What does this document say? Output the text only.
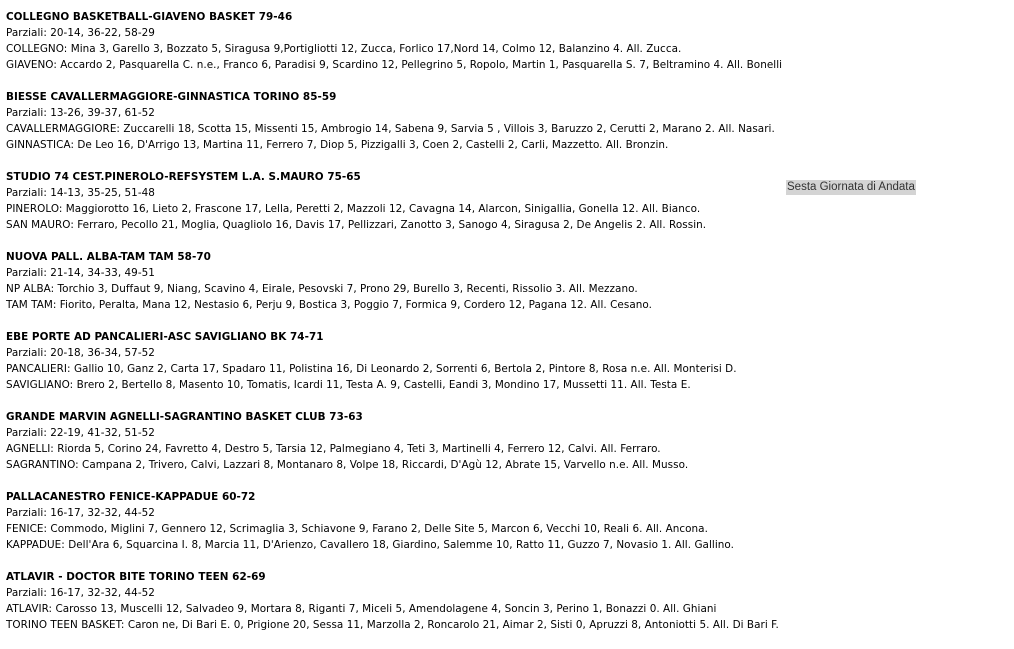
COLLEGNO BASKETBALL-GIAVENO BASKET 79-46
Parziali: 20-14, 36-22, 58-29
COLLEGNO: Mina 3, Garello 3, Bozzato 5, Siragusa 9,Portigliotti 12, Zucca, Forlico 17,Nord 14, Colmo 12, Balanzino 4. All. Zucca.
GIAVENO: Accardo 2, Pasquarella C. n.e., Franco 6, Paradisi 9, Scardino 12, Pellegrino 5, Ropolo, Martin 1, Pasquarella S. 7, Beltramino 4. All. Bonelli
BIESSE CAVALLERMAGGIORE-GINNASTICA TORINO 85-59
Parziali: 13-26, 39-37, 61-52
CAVALLERMAGGIORE: Zuccarelli 18, Scotta 15, Missenti 15, Ambrogio 14, Sabena 9, Sarvia 5 , Villois 3, Baruzzo 2, Cerutti 2, Marano 2. All. Nasari.
GINNASTICA: De Leo 16, D'Arrigo 13, Martina 11, Ferrero 7, Diop 5, Pizzigalli 3, Coen 2, Castelli 2, Carli, Mazzetto. All. Bronzin.
STUDIO 74 CEST.PINEROLO-REFSYSTEM L.A. S.MAURO 75-65
Parziali: 14-13, 35-25, 51-48
PINEROLO: Maggiorotto 16, Lieto 2, Frascone 17, Lella, Peretti 2, Mazzoli 12, Cavagna 14, Alarcon, Sinigallia, Gonella 12. All. Bianco.
SAN MAURO: Ferraro, Pecollo 21, Moglia, Quagliolo 16, Davis 17, Pellizzari, Zanotto 3, Sanogo 4, Siragusa 2, De Angelis 2. All. Rossin.
NUOVA PALL. ALBA-TAM TAM 58-70
Parziali: 21-14, 34-33, 49-51
NP ALBA: Torchio 3, Duffaut 9, Niang, Scavino 4, Eirale, Pesovski 7, Prono 29, Burello 3, Recenti, Rissolio 3. All. Mezzano.
TAM TAM: Fiorito, Peralta, Mana 12, Nestasio 6, Perju 9, Bostica 3, Poggio 7, Formica 9, Cordero 12, Pagana 12. All. Cesano.
EBE PORTE AD PANCALIERI-ASC SAVIGLIANO BK 74-71
Parziali: 20-18, 36-34, 57-52
PANCALIERI: Gallio 10, Ganz 2, Carta 17, Spadaro 11, Polistina 16, Di Leonardo 2, Sorrenti 6, Bertola 2, Pintore 8, Rosa n.e. All. Monterisi D.
SAVIGLIANO: Brero 2, Bertello 8, Masento 10, Tomatis, Icardi 11, Testa A. 9, Castelli, Eandi 3, Mondino 17, Mussetti 11. All. Testa E.
GRANDE MARVIN AGNELLI-SAGRANTINO BASKET CLUB 73-63
Parziali: 22-19, 41-32, 51-52
AGNELLI: Riorda 5, Corino 24, Favretto 4, Destro 5, Tarsia 12, Palmegiano 4, Teti 3, Martinelli 4, Ferrero 12, Calvi. All. Ferraro.
SAGRANTINO: Campana 2, Trivero, Calvi, Lazzari 8, Montanaro 8, Volpe 18, Riccardi, D'Agù 12, Abrate 15, Varvello n.e. All. Musso.
PALLACANESTRO FENICE-KAPPADUE 60-72
Parziali: 16-17, 32-32, 44-52
FENICE: Commodo, Miglini 7, Gennero 12, Scrimaglia 3, Schiavone 9, Farano 2, Delle Site 5, Marcon 6, Vecchi 10, Reali 6. All. Ancona.
KAPPADUE: Dell'Ara 6, Squarcina I. 8, Marcia 11, D'Arienzo, Cavallero 18, Giardino, Salemme 10, Ratto 11, Guzzo 7, Novasio 1. All. Gallino.
ATLAVIR - DOCTOR BITE TORINO TEEN 62-69
Parziali: 16-17, 32-32, 44-52
ATLAVIR: Carosso 13, Muscelli 12, Salvadeo 9, Mortara 8, Riganti 7, Miceli 5, Amendolagene 4, Soncin 3, Perino 1, Bonazzi 0. All. Ghiani
TORINO TEEN BASKET: Caron ne, Di Bari E. 0, Prigione 20, Sessa 11, Marzolla 2, Roncarolo 21, Aimar 2, Sisti 0, Apruzzi 8, Antoniotti 5. All. Di Bari F.
Sesta Giornata di Andata
